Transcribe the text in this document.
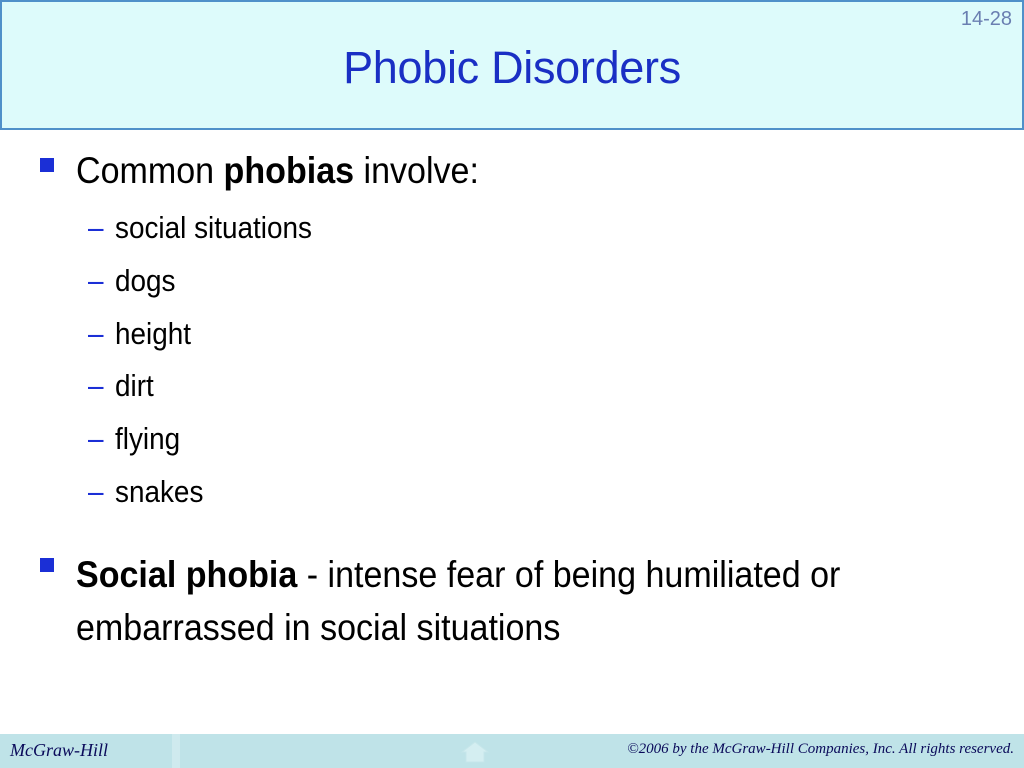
14-28
Phobic Disorders
Common phobias involve:
– social situations
– dogs
– height
– dirt
– flying
– snakes
Social phobia - intense fear of being humiliated or embarrassed in social situations
McGraw-Hill	©2006 by the McGraw-Hill Companies, Inc. All rights reserved.
